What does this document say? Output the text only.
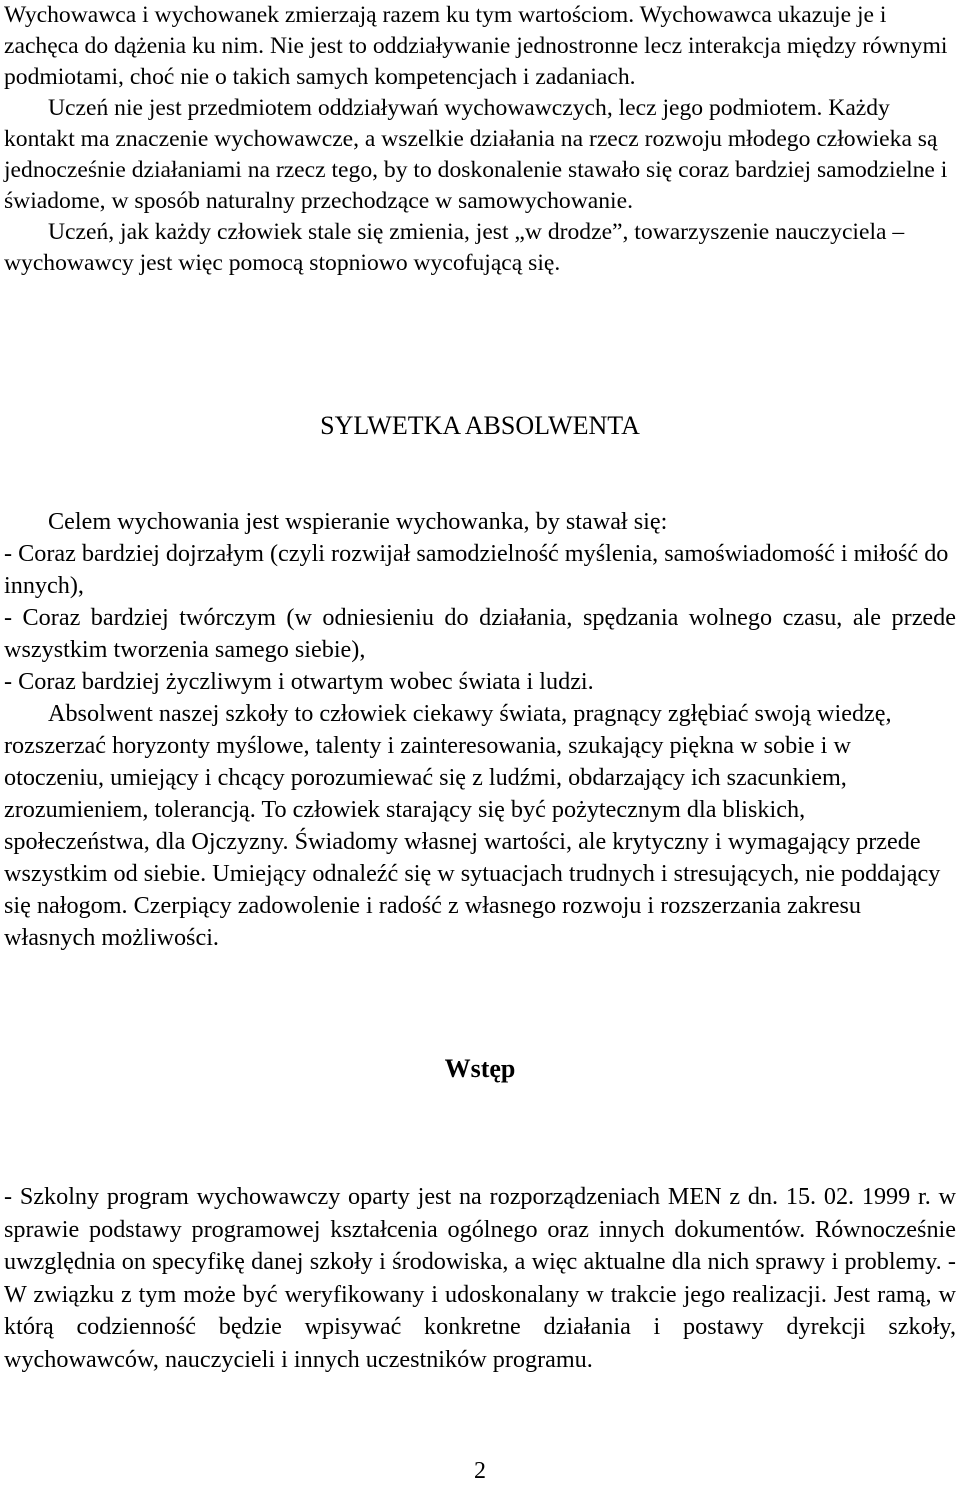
Wychowawca i wychowanek zmierzają razem ku tym wartościom. Wychowawca ukazuje je i zachęca do dążenia ku nim. Nie jest to oddziaływanie jednostronne lecz interakcja między równymi podmiotami, choć nie o takich samych kompetencjach i zadaniach.

Uczeń nie jest przedmiotem oddziaływań wychowawczych, lecz jego podmiotem. Każdy kontakt ma znaczenie wychowawcze, a wszelkie działania na rzecz rozwoju młodego człowieka są jednocześnie działaniami na rzecz tego, by to doskonalenie stawało się coraz bardziej samodzielne i świadome, w sposób naturalny przechodzące w samowychowanie.

Uczeń, jak każdy człowiek stale się zmienia, jest „w drodze”, towarzyszenie nauczyciela – wychowawcy jest więc pomocą stopniowo wycofującą się.

SYLWETKA ABSOLWENTA

Celem wychowania jest wspieranie wychowanka, by stawał się:

- Coraz bardziej dojrzałym (czyli rozwijał samodzielność myślenia, samoświadomość i miłość do innych),

- Coraz bardziej twórczym (w odniesieniu do działania, spędzania wolnego czasu, ale przede wszystkim tworzenia samego siebie),

- Coraz bardziej życzliwym i otwartym wobec świata i ludzi.

Absolwent naszej szkoły to człowiek ciekawy świata, pragnący zgłębiać swoją wiedzę, rozszerzać horyzonty myślowe, talenty i zainteresowania, szukający piękna w sobie i w otoczeniu, umiejący i chcący porozumiewać się z ludźmi, obdarzający ich szacunkiem, zrozumieniem, tolerancją. To człowiek starający się być pożytecznym dla bliskich, społeczeństwa, dla Ojczyzny. Świadomy własnej wartości, ale krytyczny i wymagający przede wszystkim od siebie. Umiejący odnaleźć się w sytuacjach trudnych i stresujących, nie poddający się nałogom. Czerpiący zadowolenie i radość z własnego rozwoju i rozszerzania zakresu własnych możliwości.

Wstęp

- Szkolny program wychowawczy oparty jest na rozporządzeniach MEN z dn. 15. 02. 1999 r. w sprawie podstawy programowej kształcenia ogólnego oraz innych dokumentów. Równocześnie uwzględnia on specyfikę danej szkoły i środowiska, a więc aktualne dla nich sprawy i problemy. - W związku z tym może być weryfikowany i udoskonalany w trakcie jego realizacji. Jest ramą, w którą codzienność będzie wpisywać konkretne działania i postawy dyrekcji szkoły, wychowawców, nauczycieli i innych uczestników programu.

2
